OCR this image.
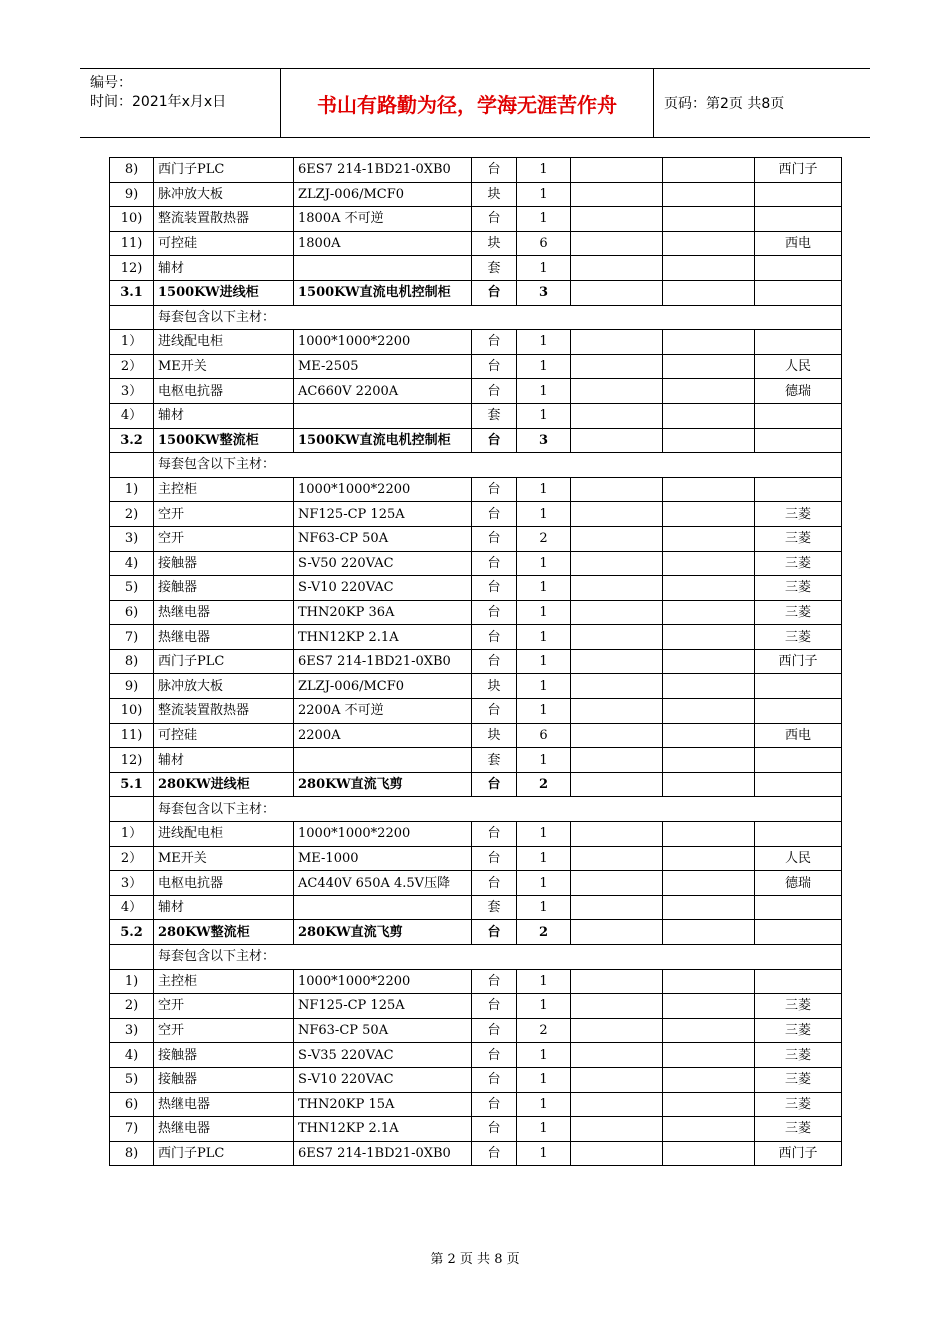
编号：
时间：2021年x月x日	书山有路勤为径，学海无涯苦作舟	页码：第2页 共8页
8)	西门子PLC	6ES7 214-1BD21-0XB0	台	1			西门子
9)	脉冲放大板	ZLZJ-006/MCF0	块	1			
10)	整流装置散热器	1800A 不可逆	台	1			
11)	可控硅	1800A	块	6			西电
12)	辅材		套	1			
3.1	1500KW进线柜	1500KW直流电机控制柜	台	3			
	每套包含以下主材：						
1）	进线配电柜	1000*1000*2200	台	1			
2）	ME开关	ME-2505	台	1			人民
3）	电枢电抗器	AC660V 2200A	台	1			德瑞
4）	辅材		套	1			
3.2	1500KW整流柜	1500KW直流电机控制柜	台	3			
	每套包含以下主材：						
1)	主控柜	1000*1000*2200	台	1			
2)	空开	NF125-CP 125A	台	1			三菱
3)	空开	NF63-CP 50A	台	2			三菱
4)	接触器	S-V50 220VAC	台	1			三菱
5)	接触器	S-V10 220VAC	台	1			三菱
6)	热继电器	THN20KP 36A	台	1			三菱
7)	热继电器	THN12KP 2.1A	台	1			三菱
8)	西门子PLC	6ES7 214-1BD21-0XB0	台	1			西门子
9)	脉冲放大板	ZLZJ-006/MCF0	块	1			
10)	整流装置散热器	2200A 不可逆	台	1			
11)	可控硅	2200A	块	6			西电
12)	辅材		套	1			
5.1	280KW进线柜	280KW直流飞剪	台	2			
	每套包含以下主材：						
1）	进线配电柜	1000*1000*2200	台	1			
2）	ME开关	ME-1000	台	1			人民
3）	电枢电抗器	AC440V 650A 4.5V压降	台	1			德瑞
4）	辅材		套	1			
5.2	280KW整流柜	280KW直流飞剪	台	2			
	每套包含以下主材：						
1)	主控柜	1000*1000*2200	台	1			
2)	空开	NF125-CP 125A	台	1			三菱
3)	空开	NF63-CP 50A	台	2			三菱
4)	接触器	S-V35 220VAC	台	1			三菱
5)	接触器	S-V10 220VAC	台	1			三菱
6)	热继电器	THN20KP 15A	台	1			三菱
7)	热继电器	THN12KP 2.1A	台	1			三菱
8)	西门子PLC	6ES7 214-1BD21-0XB0	台	1			西门子
第 2 页 共 8 页
